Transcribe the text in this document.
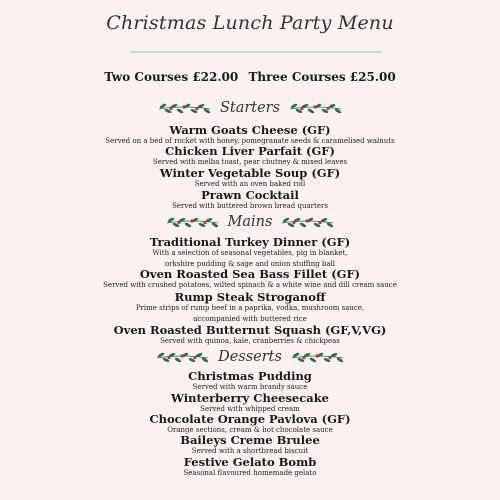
Christmas Lunch Party Menu
Two Courses £22.00 Three Courses £25.00
Starters
Warm Goats Cheese (GF)
Served on a bed of rocket with honey, pomegranate seeds & caramelised walnuts
Chicken Liver Parfait (GF)
Served with melba toast, pear chutney & mixed leaves
Winter Vegetable Soup (GF)
Served with an oven baked roll
Prawn Cocktail
Served with buttered brown bread quarters
Mains
Traditional Turkey Dinner (GF)
With a selection of seasonal vegetables, pig in blanket,
orkshire pudding & sage and onion stuffing ball
Oven Roasted Sea Bass Fillet (GF)
Served with crushed potatoes, wilted spinach & a white wine and dill cream sauce
Rump Steak Stroganoff
Prime strips of rump beef in a paprika, vodka, mushroom sauce,
accompanied with buttered rice
Oven Roasted Butternut Squash (GF,V,VG)
Served with quinoa, kale, cranberries & chickpeas
Desserts
Christmas Pudding
Served with warm brandy sauce
Winterberry Cheesecake
Served with whipped cream
Chocolate Orange Pavlova (GF)
Orange sections, cream & hot chocolate sauce
Baileys Creme Brulee
Served with a shortbread biscuit
Festive Gelato Bomb
Seasonal flavoured homemade gelato
